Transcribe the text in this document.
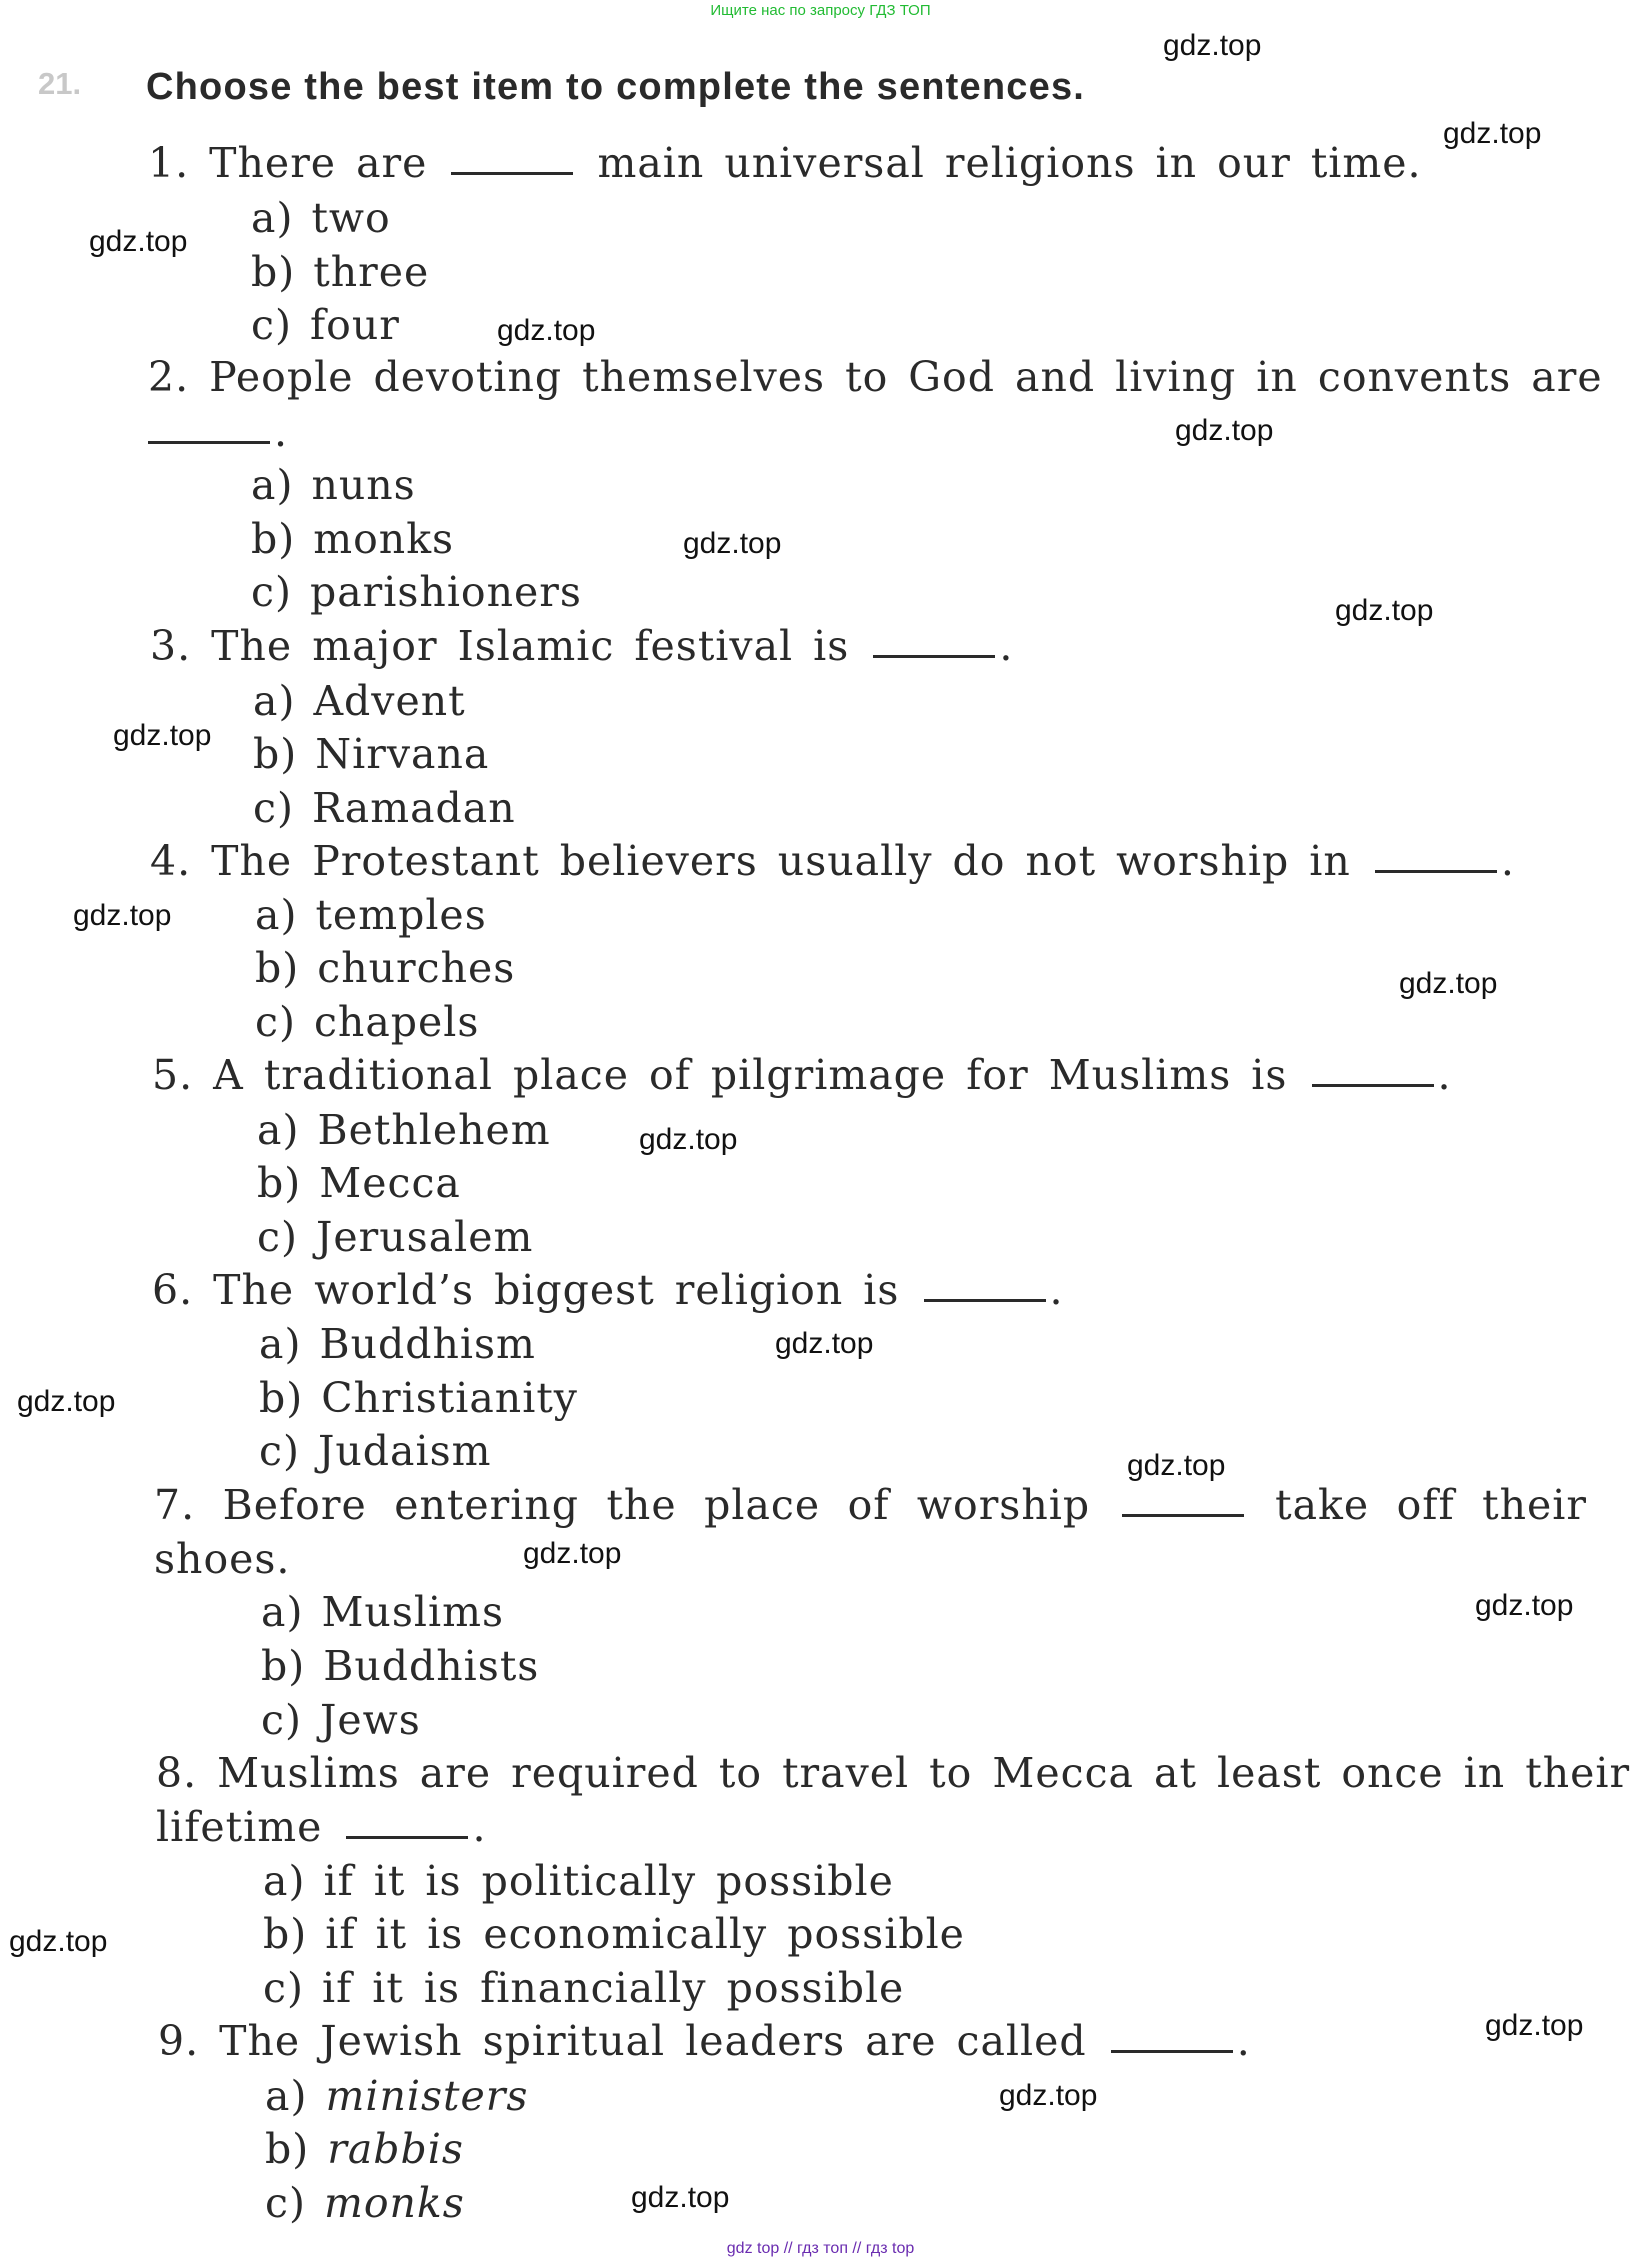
Ищите нас по запросу ГДЗ ТОП
21. Choose the best item to complete the sentences.
1. There are	main universal religions in our time.
a) two
b) three
c) four
2. People devoting themselves to God and living in convents are
.
a) nuns
b) monks
c) parishioners
3. The major Islamic festival is	.
a) Advent
b) Nirvana
c) Ramadan
4. The Protestant believers usually do not worship in	.
a) temples
b) churches
c) chapels
5. A traditional place of pilgrimage for Muslims is	.
a) Bethlehem
b) Mecca
c) Jerusalem
6. The world’s biggest religion is	.
a) Buddhism
b) Christianity
c) Judaism
7. Before entering the place of worship	take off their
shoes.
a) Muslims
b) Buddhists
c) Jews
8. Muslims are required to travel to Mecca at least once in their
lifetime	.
a) if it is politically possible
b) if it is economically possible
c) if it is financially possible
9. The Jewish spiritual leaders are called	.
a) ministers
b) rabbis
c) monks
gdz.top
gdz.top
gdz.top
gdz.top
gdz.top
gdz.top
gdz.top
gdz.top
gdz.top
gdz.top
gdz.top
gdz.top
gdz.top
gdz.top
gdz.top
gdz.top
gdz.top
gdz.top
gdz.top
gdz.top
gdz top // гдз топ // гдз top
